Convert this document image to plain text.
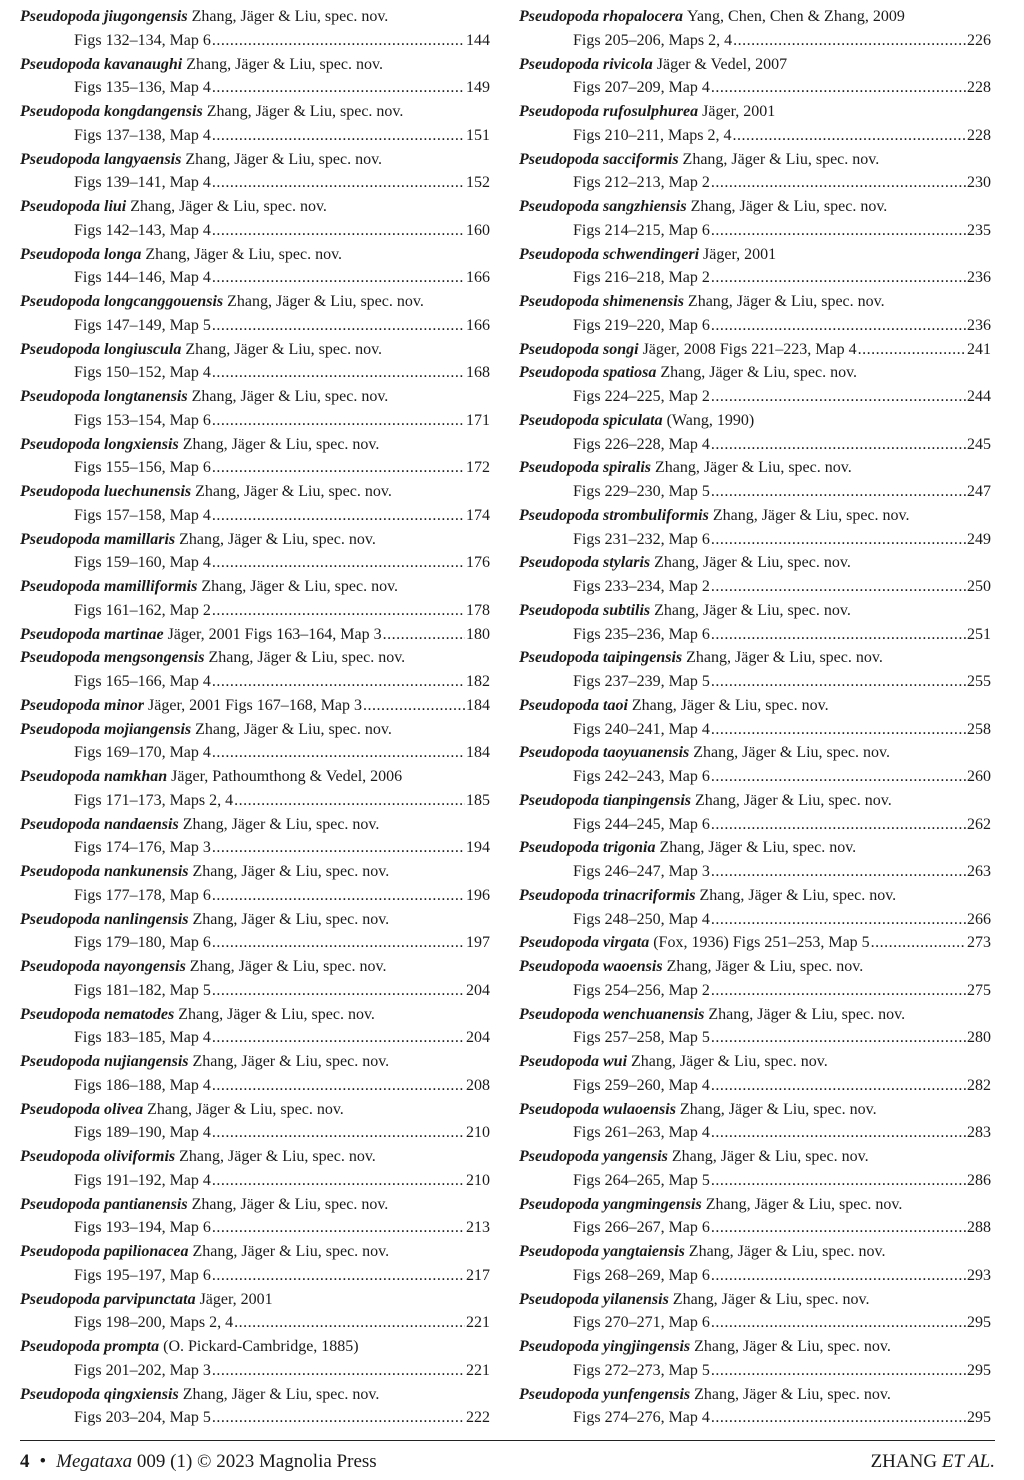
Pseudopoda jiugongensis Zhang, Jäger & Liu, spec. nov.
Figs 132–134, Map 6 .....	144
Pseudopoda kavanaughi Zhang, Jäger & Liu, spec. nov.
Figs 135–136, Map 4 .....	149
Pseudopoda kongdangensis Zhang, Jäger & Liu, spec. nov.
Figs 137–138, Map 4 .....	151
Pseudopoda langyaensis Zhang, Jäger & Liu, spec. nov.
Figs 139–141, Map 4 .....	152
Pseudopoda liui Zhang, Jäger & Liu, spec. nov.
Figs 142–143, Map 4 .....	160
Pseudopoda longa Zhang, Jäger & Liu, spec. nov.
Figs 144–146, Map 4 .....	166
Pseudopoda longcanggouensis Zhang, Jäger & Liu, spec. nov.
Figs 147–149, Map 5 .....	166
Pseudopoda longiuscula Zhang, Jäger & Liu, spec. nov.
Figs 150–152, Map 4 .....	168
Pseudopoda longtanensis Zhang, Jäger & Liu, spec. nov.
Figs 153–154, Map 6 .....	171
Pseudopoda longxiensis Zhang, Jäger & Liu, spec. nov.
Figs 155–156, Map 6 .....	172
Pseudopoda luechunensis Zhang, Jäger & Liu, spec. nov.
Figs 157–158, Map 4 .....	174
Pseudopoda mamillaris Zhang, Jäger & Liu, spec. nov.
Figs 159–160, Map 4 .....	176
Pseudopoda mamilliformis Zhang, Jäger & Liu, spec. nov.
Figs 161–162, Map 2 .....	178
Pseudopoda martinae Jäger, 2001 Figs 163–164, Map 3 .....	180
Pseudopoda mengsongensis Zhang, Jäger & Liu, spec. nov.
Figs 165–166, Map 4 .....	182
Pseudopoda minor Jäger, 2001 Figs 167–168, Map 3 .....	184
Pseudopoda mojiangensis Zhang, Jäger & Liu, spec. nov.
Figs 169–170, Map 4 .....	184
Pseudopoda namkhan Jäger, Pathoumthong & Vedel, 2006
Figs 171–173, Maps 2, 4 .....	185
Pseudopoda nandaensis Zhang, Jäger & Liu, spec. nov.
Figs 174–176, Map 3 .....	194
Pseudopoda nankunensis Zhang, Jäger & Liu, spec. nov.
Figs 177–178, Map 6 .....	196
Pseudopoda nanlingensis Zhang, Jäger & Liu, spec. nov.
Figs 179–180, Map 6 .....	197
Pseudopoda nayongensis Zhang, Jäger & Liu, spec. nov.
Figs 181–182, Map 5 .....	204
Pseudopoda nematodes Zhang, Jäger & Liu, spec. nov.
Figs 183–185, Map 4 .....	204
Pseudopoda nujiangensis Zhang, Jäger & Liu, spec. nov.
Figs 186–188, Map 4 .....	208
Pseudopoda olivea Zhang, Jäger & Liu, spec. nov.
Figs 189–190, Map 4 .....	210
Pseudopoda oliviformis Zhang, Jäger & Liu, spec. nov.
Figs 191–192, Map 4 .....	210
Pseudopoda pantianensis Zhang, Jäger & Liu, spec. nov.
Figs 193–194, Map 6 .....	213
Pseudopoda papilionacea Zhang, Jäger & Liu, spec. nov.
Figs 195–197, Map 6 .....	217
Pseudopoda parvipunctata Jäger, 2001
Figs 198–200, Maps 2, 4 .....	221
Pseudopoda prompta (O. Pickard-Cambridge, 1885)
Figs 201–202, Map 3 .....	221
Pseudopoda qingxiensis Zhang, Jäger & Liu, spec. nov.
Figs 203–204, Map 5 .....	222
Pseudopoda rhopalocera Yang, Chen, Chen & Zhang, 2009
Figs 205–206, Maps 2, 4 .....	226
Pseudopoda rivicola Jäger & Vedel, 2007
Figs 207–209, Map 4 .....	228
Pseudopoda rufosulphurea Jäger, 2001
Figs 210–211, Maps 2, 4 .....	228
Pseudopoda sacciformis Zhang, Jäger & Liu, spec. nov.
Figs 212–213, Map 2 .....	230
Pseudopoda sangzhiensis Zhang, Jäger & Liu, spec. nov.
Figs 214–215, Map 6 .....	235
Pseudopoda schwendingeri Jäger, 2001
Figs 216–218, Map 2 .....	236
Pseudopoda shimenensis Zhang, Jäger & Liu, spec. nov.
Figs 219–220, Map 6 .....	236
Pseudopoda songi Jäger, 2008 Figs 221–223, Map 4 .....	241
Pseudopoda spatiosa Zhang, Jäger & Liu, spec. nov.
Figs 224–225, Map 2 .....	244
Pseudopoda spiculata (Wang, 1990)
Figs 226–228, Map 4 .....	245
Pseudopoda spiralis Zhang, Jäger & Liu, spec. nov.
Figs 229–230, Map 5 .....	247
Pseudopoda strombuliformis Zhang, Jäger & Liu, spec. nov.
Figs 231–232, Map 6 .....	249
Pseudopoda stylaris Zhang, Jäger & Liu, spec. nov.
Figs 233–234, Map 2 .....	250
Pseudopoda subtilis Zhang, Jäger & Liu, spec. nov.
Figs 235–236, Map 6 .....	251
Pseudopoda taipingensis Zhang, Jäger & Liu, spec. nov.
Figs 237–239, Map 5 .....	255
Pseudopoda taoi Zhang, Jäger & Liu, spec. nov.
Figs 240–241, Map 4 .....	258
Pseudopoda taoyuanensis Zhang, Jäger & Liu, spec. nov.
Figs 242–243, Map 6 .....	260
Pseudopoda tianpingensis Zhang, Jäger & Liu, spec. nov.
Figs 244–245, Map 6 .....	262
Pseudopoda trigonia Zhang, Jäger & Liu, spec. nov.
Figs 246–247, Map 3 .....	263
Pseudopoda trinacriformis Zhang, Jäger & Liu, spec. nov.
Figs 248–250, Map 4 .....	266
Pseudopoda virgata (Fox, 1936) Figs 251–253, Map 5 .....	273
Pseudopoda waoensis Zhang, Jäger & Liu, spec. nov.
Figs 254–256, Map 2 .....	275
Pseudopoda wenchuanensis Zhang, Jäger & Liu, spec. nov.
Figs 257–258, Map 5 .....	280
Pseudopoda wui Zhang, Jäger & Liu, spec. nov.
Figs 259–260, Map 4 .....	282
Pseudopoda wulaoensis Zhang, Jäger & Liu, spec. nov.
Figs 261–263, Map 4 .....	283
Pseudopoda yangensis Zhang, Jäger & Liu, spec. nov.
Figs 264–265, Map 5 .....	286
Pseudopoda yangmingensis Zhang, Jäger & Liu, spec. nov.
Figs 266–267, Map 6 .....	288
Pseudopoda yangtaiensis Zhang, Jäger & Liu, spec. nov.
Figs 268–269, Map 6 .....	293
Pseudopoda yilanensis Zhang, Jäger & Liu, spec. nov.
Figs 270–271, Map 6 .....	295
Pseudopoda yingjingensis Zhang, Jäger & Liu, spec. nov.
Figs 272–273, Map 5 .....	295
Pseudopoda yunfengensis Zhang, Jäger & Liu, spec. nov.
Figs 274–276, Map 4 .....	295
4 • Megataxa 009 (1) © 2023 Magnolia Press	ZHANG ET AL.
